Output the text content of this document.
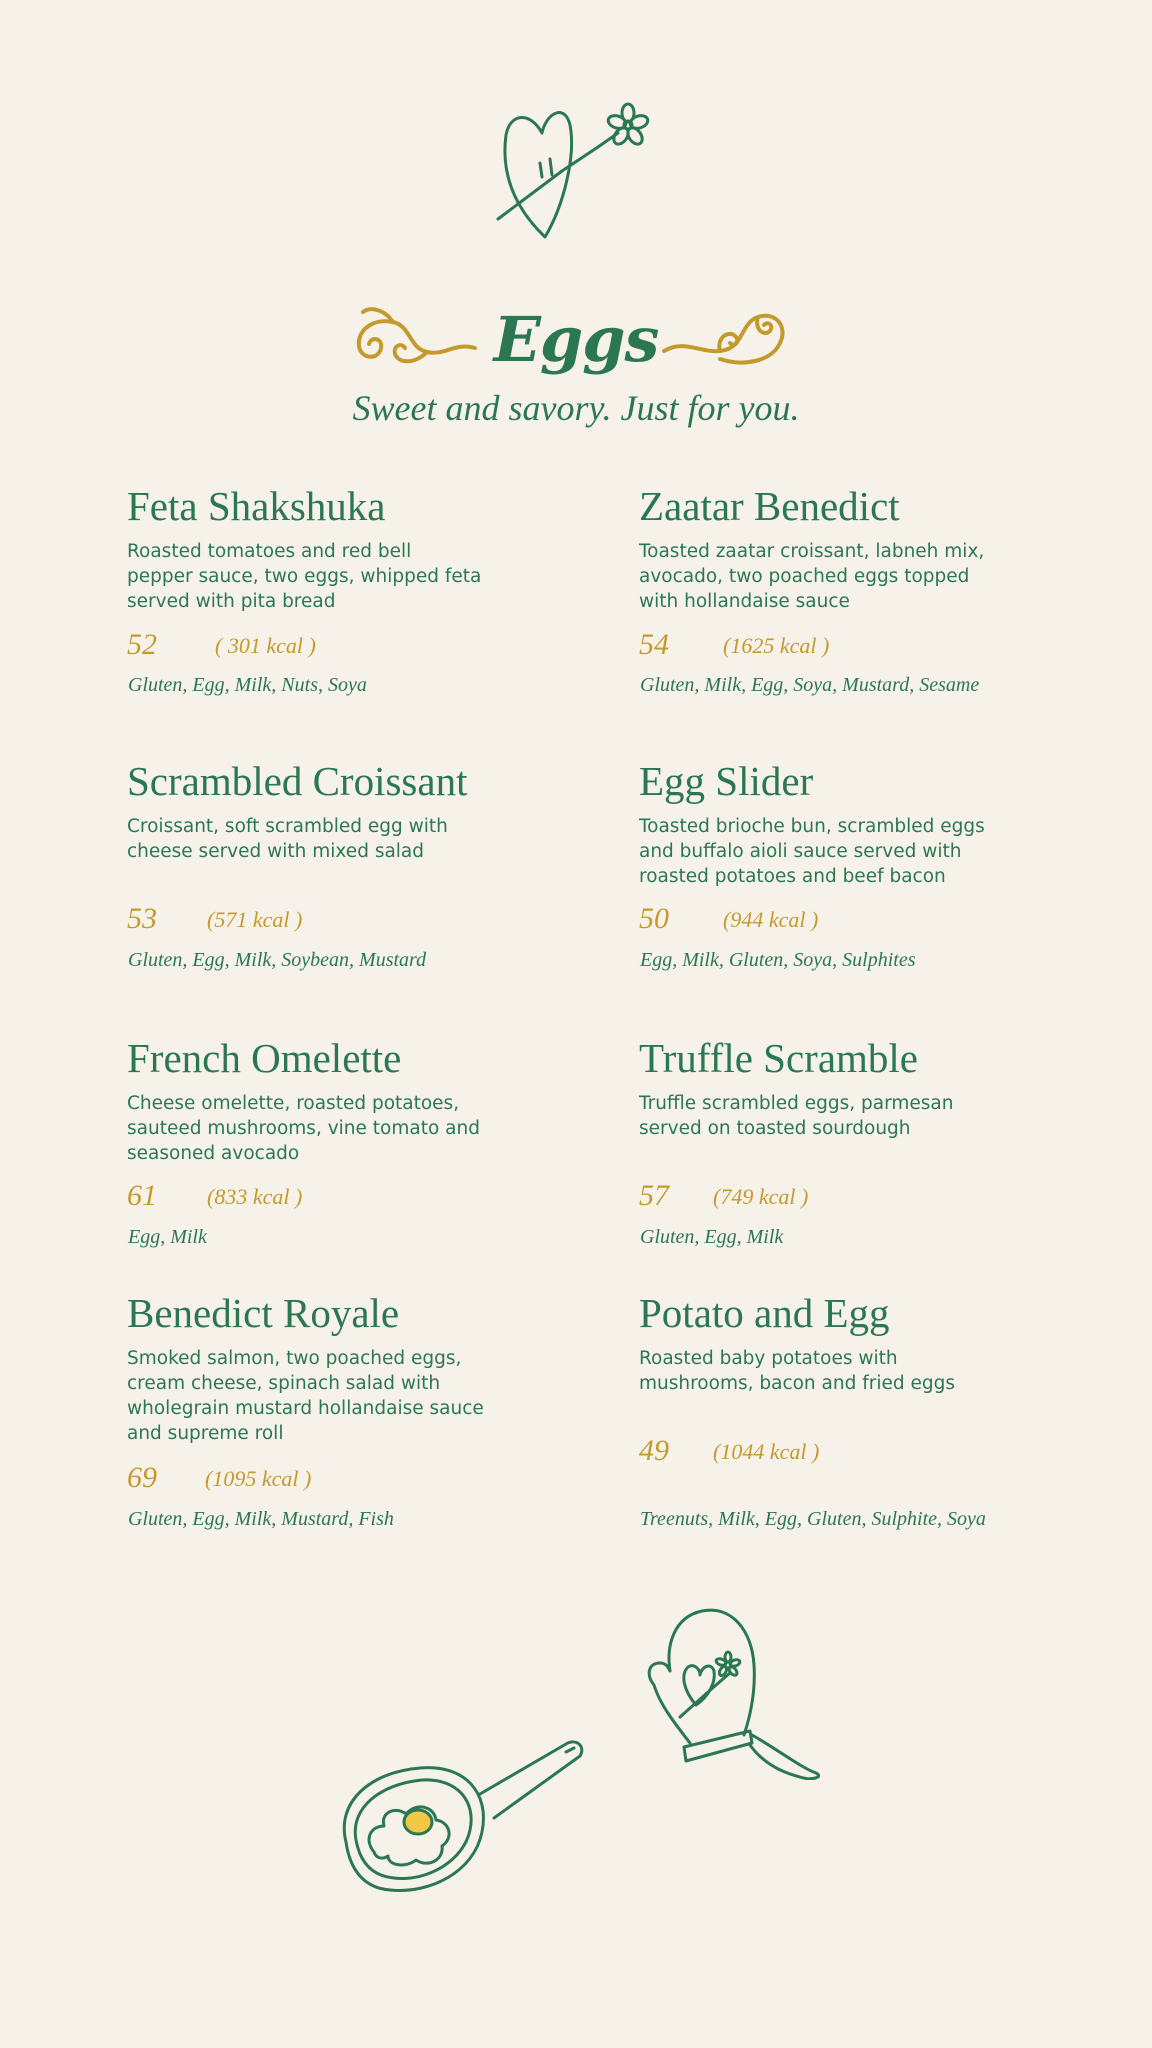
Eggs
Sweet and savory. Just for you.
Feta Shakshuka
Roasted tomatoes and red bell
pepper sauce, two eggs, whipped feta
served with pita bread
52	( 301 kcal )
Gluten, Egg, Milk, Nuts, Soya
Zaatar Benedict
Toasted zaatar croissant, labneh mix,
avocado, two poached eggs topped
with hollandaise sauce
54 (1625 kcal )
Gluten, Milk, Egg, Soya, Mustard, Sesame
Scrambled Croissant
Croissant, soft scrambled egg with
cheese served with mixed salad
53 (571 kcal )
Gluten, Egg, Milk, Soybean, Mustard
Egg Slider
Toasted brioche bun, scrambled eggs
and buffalo aioli sauce served with
roasted potatoes and beef bacon
50 (944 kcal )
Egg, Milk, Gluten, Soya, Sulphites
French Omelette
Cheese omelette, roasted potatoes,
sauteed mushrooms, vine tomato and
seasoned avocado
61 (833 kcal )
Egg, Milk
Truffle Scramble
Truffle scrambled eggs, parmesan
served on toasted sourdough
57 (749 kcal )
Gluten, Egg, Milk
Benedict Royale
Smoked salmon, two poached eggs,
cream cheese, spinach salad with
wholegrain mustard hollandaise sauce
and supreme roll
69 (1095 kcal )
Gluten, Egg, Milk, Mustard, Fish
Potato and Egg
Roasted baby potatoes with
mushrooms, bacon and fried eggs
49 (1044 kcal )
Treenuts, Milk, Egg, Gluten, Sulphite, Soya
